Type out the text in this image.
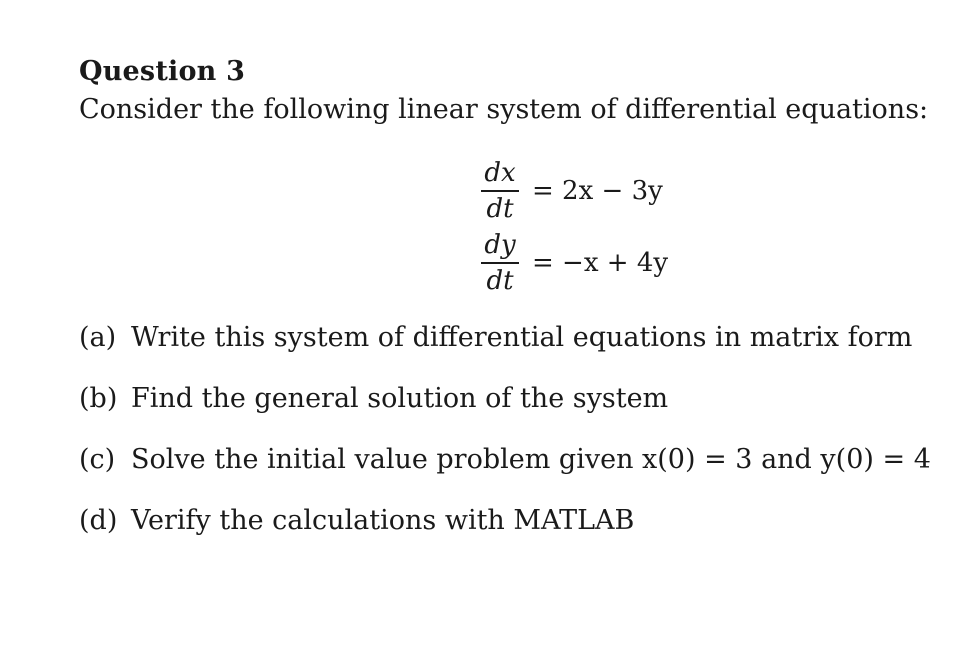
Question 3
Consider the following linear system of differential equations:
$\frac{dx}{dt} = 2x - 3y$
$\frac{dy}{dt} = -x + 4y$
(a) Write this system of differential equations in matrix form
(b) Find the general solution of the system
(c) Solve the initial value problem given x(0) = 3 and y(0) = 4
(d) Verify the calculations with MATLAB
